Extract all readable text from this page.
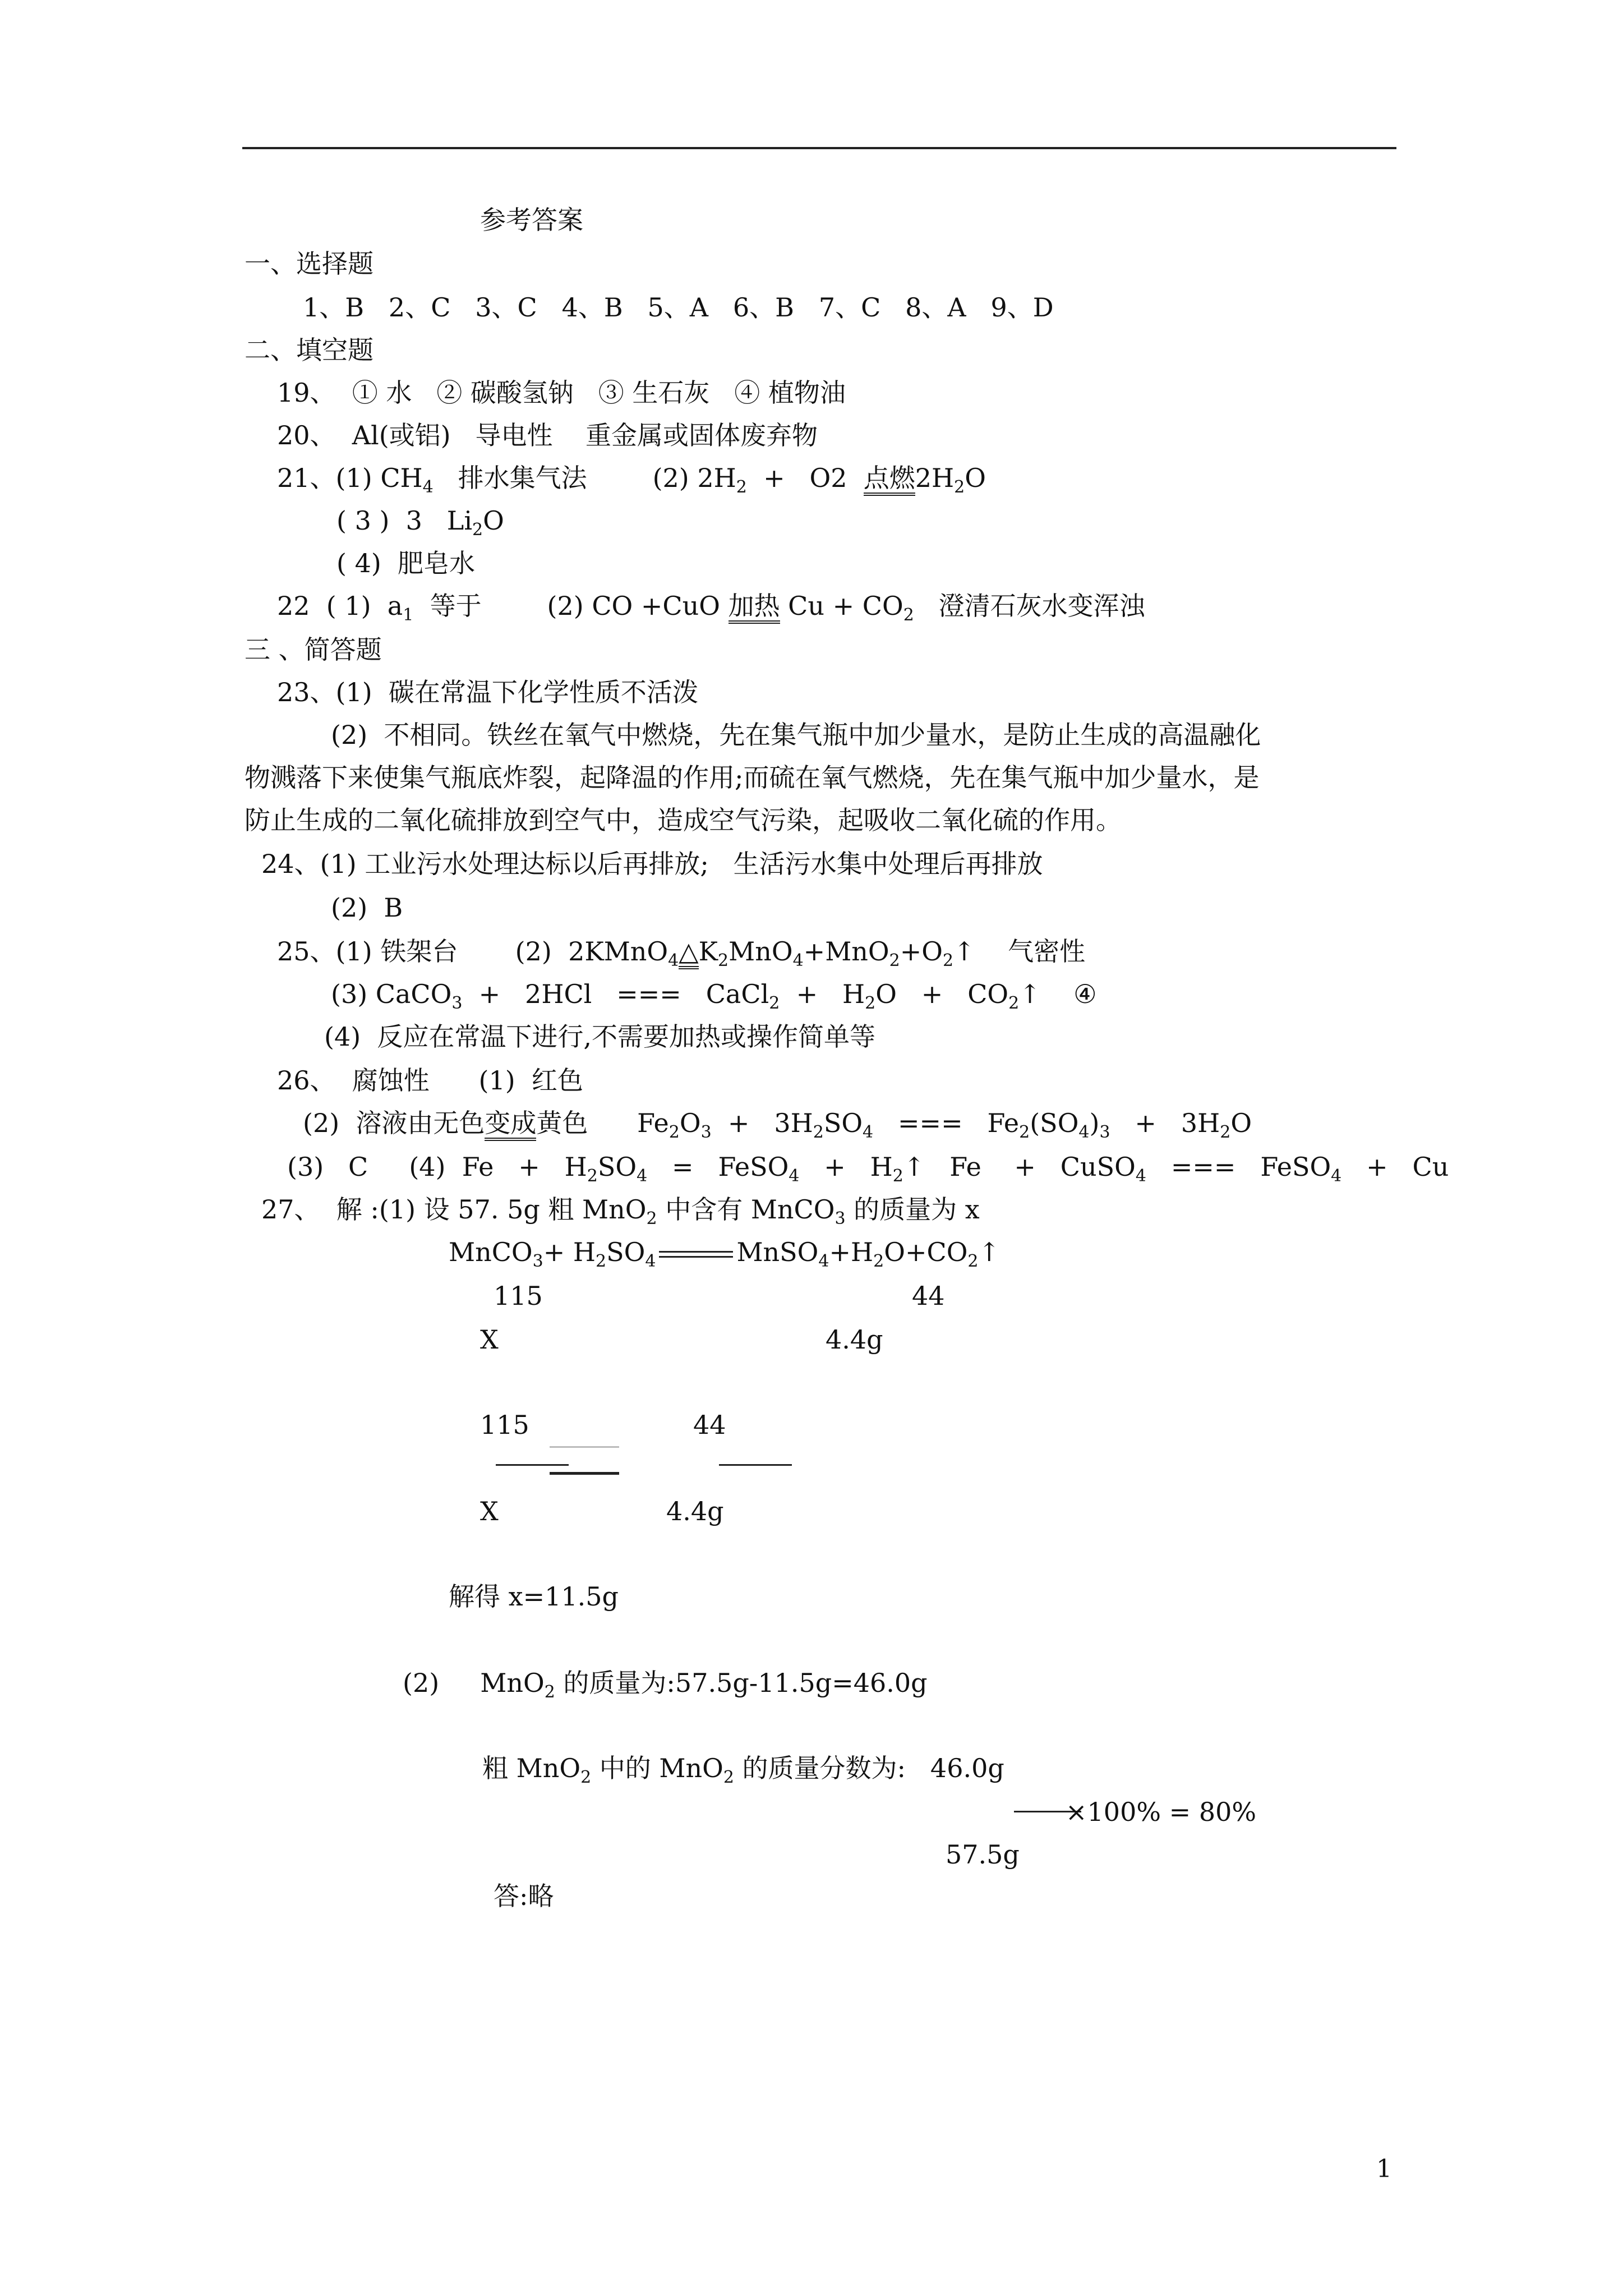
参考答案
一、选择题
1、B   2、C   3、C   4、B   5、A   6、B   7、C   8、A   9、D
二、填空题
19、  ① 水   ② 碳酸氢钠   ③ 生石灰   ④ 植物油
20、  Al(或铝)   导电性    重金属或固体废弃物
21、(1) $CH_4$   排水集气法        (2) $2H_2 + O2$  点燃$2H_2O$
( 3 )  3   $Li_2O$
( 4)  肥皂水
22  ( 1)  $a_1$  等于        (2) CO +CuO 加热 $Cu + CO_2$   澄清石灰水变浑浊
三 、简答题
23、(1)  碳在常温下化学性质不活泼
(2)  不相同。铁丝在氧气中燃烧，先在集气瓶中加少量水，是防止生成的高温融化
物溅落下来使集气瓶底炸裂，起降温的作用;而硫在氧气燃烧，先在集气瓶中加少量水，是
防止生成的二氧化硫排放到空气中，造成空气污染，起吸收二氧化硫的作用。
24、(1) 工业污水处理达标以后再排放;   生活污水集中处理后再排放
(2)  B
25、(1) 铁架台       (2)  $2KMnO_4\triangle K_2MnO_4+MnO_2+O_2↑$    气密性
(3) CaCO$_3$  +   2HCl   ===   CaCl$_2$  +   $H_2O$   +   $CO_2↑$    ④
(4)  反应在常温下进行,不需要加热或操作简单等
26、  腐蚀性      (1)  红色
(2)  溶液由无色变成黄色      $Fe_2O_3 + 3H_2SO_4$   ===   $Fe_2(SO_4)_3 + 3H_2O$
(3)   C     (4)  $Fe + H_2SO_4$   =   FeSO$_4$   +   $H_2↑$   Fe    +   CuSO$_4$   ===   FeSO$_4$   +   Cu
27、  解 :(1) 设 57. 5g 粗 MnO$_2$ 中含有 MnCO$_3$ 的质量为 x
MnCO$_3$+ $H_2SO_4$	$MnSO_4+H_2O+CO_2↑$
115	44
X	4.4g
115	44
X	4.4g
解得 x=11.5g
(2)     MnO$_2$ 的质量为:57.5g-11.5g=46.0g
粗 MnO$_2$ 中的 MnO$_2$ 的质量分数为:   46.0g
×100% = 80%
57.5g
答:略
1
